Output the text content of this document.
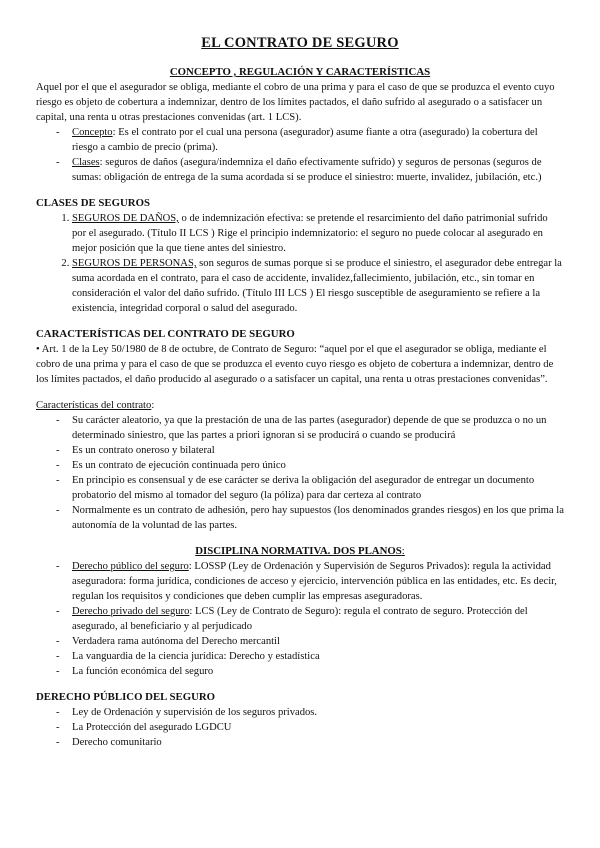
EL CONTRATO DE SEGURO

CONCEPTO , REGULACIÓN Y CARACTERÍSTICAS

Aquel por el que el asegurador se obliga, mediante el cobro de una prima y para el caso de que se produzca el evento cuyo riesgo es objeto de cobertura a indemnizar, dentro de los límites pactados, el daño sufrido al asegurado o a satisfacer un capital, una renta u otras prestaciones convenidas (art. 1 LCS).

- Concepto: Es el contrato por el cual una persona (asegurador) asume fiante a otra (asegurado) la cobertura del riesgo a cambio de precio (prima).
- Clases: seguros de daños (asegura/indemniza el daño efectivamente sufrido) y seguros de personas (seguros de sumas: obligación de entrega de la suma acordada si se produce el siniestro: muerte, invalidez, jubilación, etc.)

CLASES DE SEGUROS

1. SEGUROS DE DAÑOS, o de indemnización efectiva: se pretende el resarcimiento del daño patrimonial sufrido por el asegurado. (Título II LCS ) Rige el principio indemnizatorio: el seguro no puede colocar al asegurado en mejor posición que la que tiene antes del siniestro.
2. SEGUROS DE PERSONAS, son seguros de sumas porque si se produce el siniestro, el asegurador debe entregar la suma acordada en el contrato, para el caso de accidente, invalidez,fallecimiento, jubilación, etc., sin tomar en consideración el valor del daño sufrido. (Título III LCS ) El riesgo susceptible de aseguramiento se refiere a la existencia, integridad corporal o salud del asegurado.

CARACTERÍSTICAS DEL CONTRATO DE SEGURO

• Art. 1 de la Ley 50/1980 de 8 de octubre, de Contrato de Seguro: “aquel por el que el asegurador se obliga, mediante el cobro de una prima y para el caso de que se produzca el evento cuyo riesgo es objeto de cobertura a indemnizar, dentro de los límites pactados, el daño producido al asegurado o a satisfacer un capital, una renta u otras prestaciones convenidas”.

Características del contrato:

- Su carácter aleatorio, ya que la prestación de una de las partes (asegurador) depende de que se produzca o no un determinado siniestro, que las partes a priori ignoran si se producirá o cuando se producirá
- Es un contrato oneroso y bilateral
- Es un contrato de ejecución continuada pero único
- En principio es consensual y de ese carácter se deriva la obligación del asegurador de entregar un documento probatorio del mismo al tomador del seguro (la póliza) para dar certeza al contrato
- Normalmente es un contrato de adhesión, pero hay supuestos (los denominados grandes riesgos) en los que prima la autonomía de la voluntad de las partes.

DISCIPLINA NORMATIVA. DOS PLANOS:

- Derecho público del seguro: LOSSP (Ley de Ordenación y Supervisión de Seguros Privados): regula la actividad aseguradora: forma jurídica, condiciones de acceso y ejercicio, intervención pública en las entidades, etc. Es decir, regulan los requisitos y condiciones que deben cumplir las empresas aseguradoras.
- Derecho privado del seguro: LCS (Ley de Contrato de Seguro): regula el contrato de seguro. Protección del asegurado, al beneficiario y al perjudicado
- Verdadera rama autónoma del Derecho mercantil
- La vanguardia de la ciencia jurídica: Derecho y estadística
- La función económica del seguro

DERECHO PÚBLICO DEL SEGURO

- Ley de Ordenación y supervisión de los seguros privados.
- La Protección del asegurado LGDCU
- Derecho comunitario
